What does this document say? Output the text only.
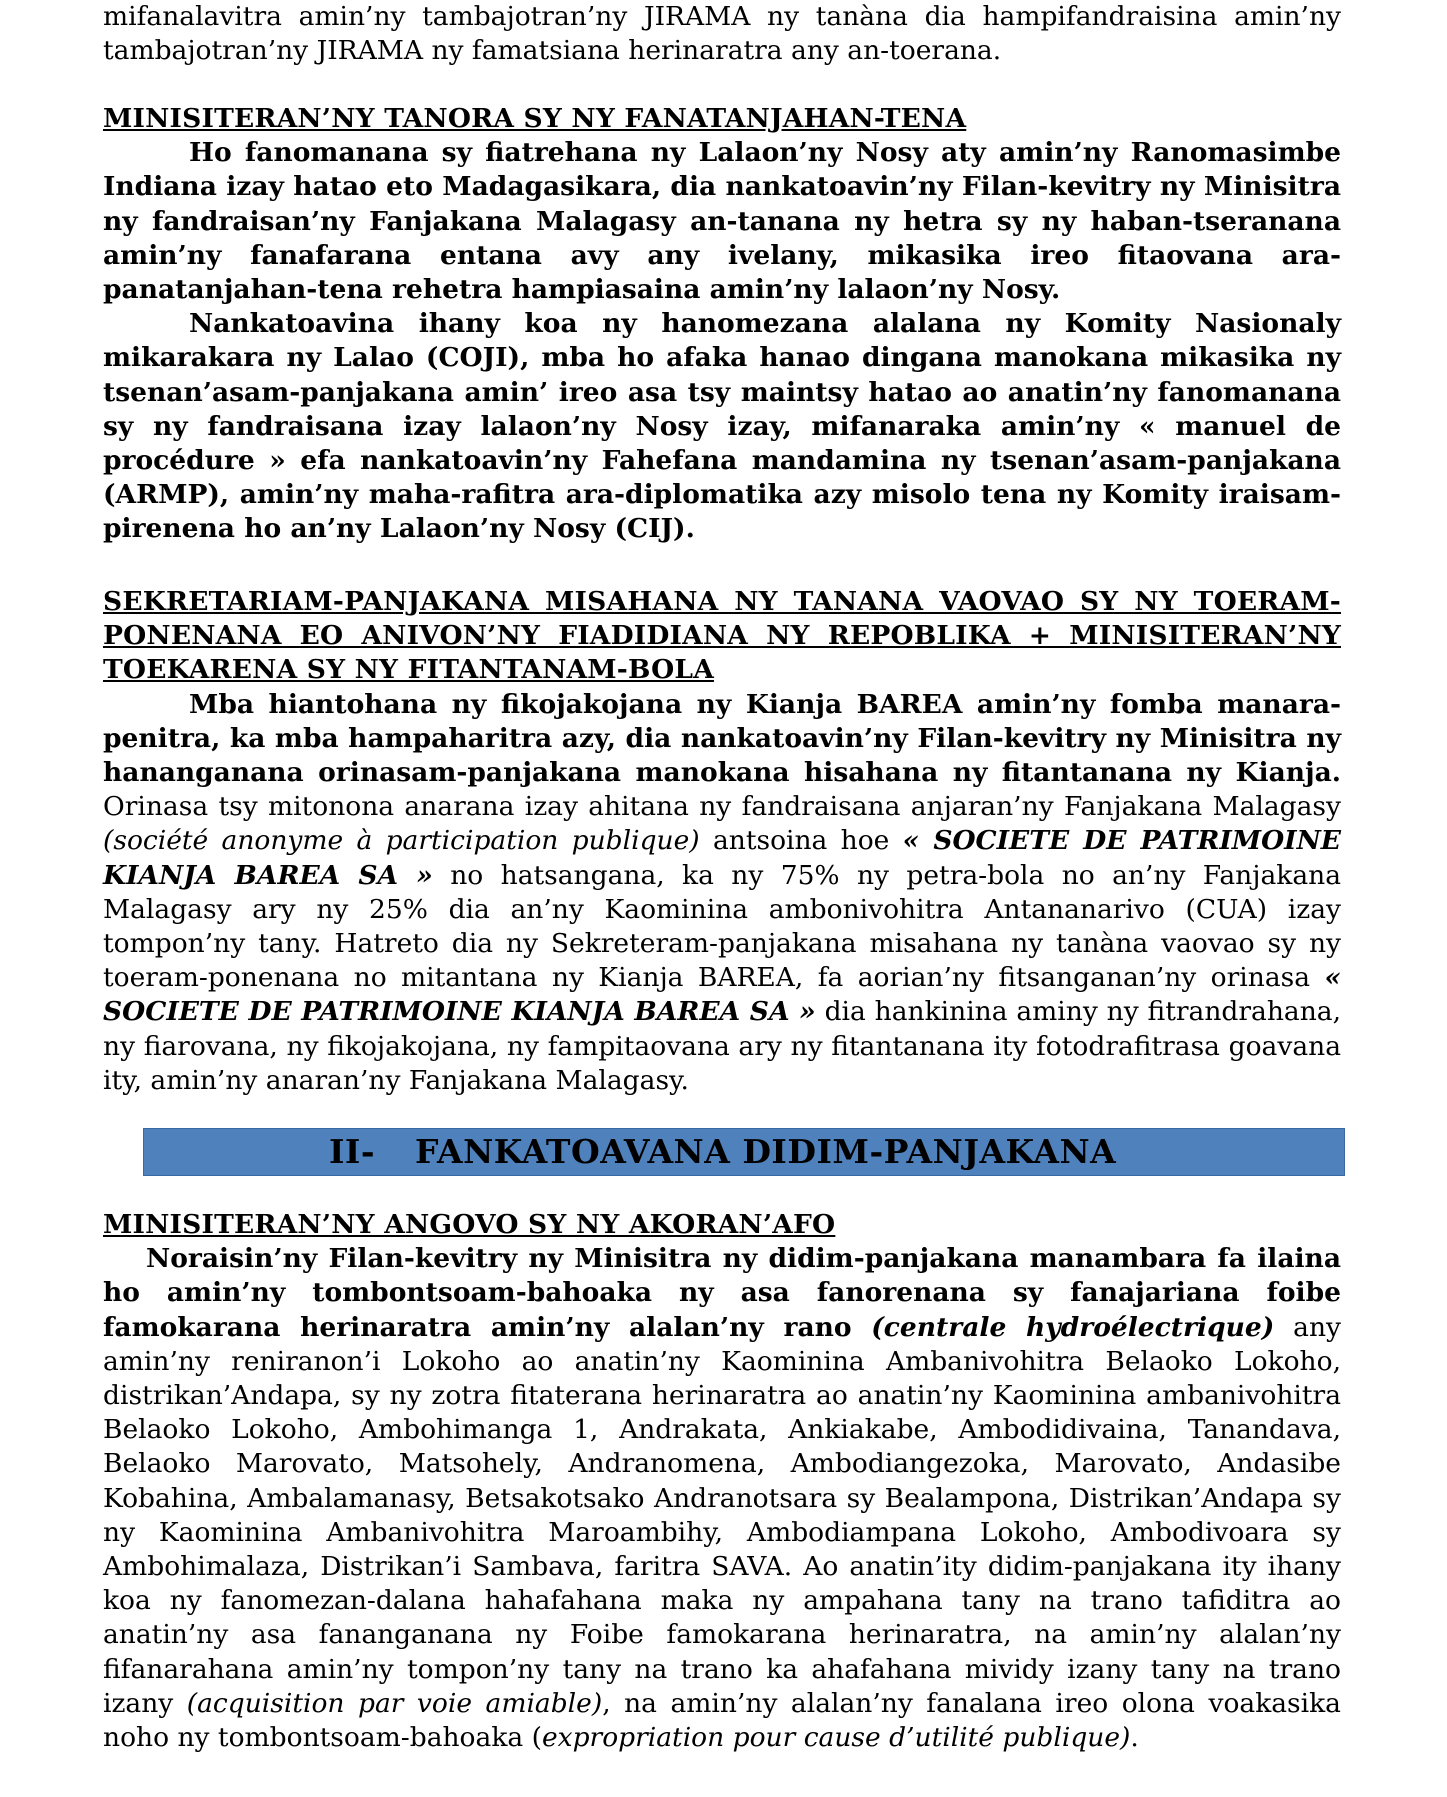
mifanalavitra amin’ny tambajotran’ny JIRAMA ny tanàna dia hampifandraisina amin’ny tambajotran’ny JIRAMA ny famatsiana herinaratra any an-toerana.

MINISITERAN’NY TANORA SY NY FANATANJAHAN-TENA

Ho fanomanana sy fiatrehana ny Lalaon’ny Nosy aty amin’ny Ranomasimbe Indiana izay hatao eto Madagasikara, dia nankatoavin’ny Filan-kevitry ny Minisitra ny fandraisan’ny Fanjakana Malagasy an-tanana ny hetra sy ny haban-tseranana amin’ny fanafarana entana avy any ivelany, mikasika ireo fitaovana ara-panatanjahan-tena rehetra hampiasaina amin’ny lalaon’ny Nosy.

Nankatoavina ihany koa ny hanomezana alalana ny Komity Nasionaly mikarakara ny Lalao (COJI), mba ho afaka hanao dingana manokana mikasika ny tsenan’asam-panjakana amin’ ireo asa tsy maintsy hatao ao anatin’ny fanomanana sy ny fandraisana izay lalaon’ny Nosy izay, mifanaraka amin’ny « manuel de procédure » efa nankatoavin’ny Fahefana mandamina ny tsenan’asam-panjakana (ARMP), amin’ny maha-rafitra ara-diplomatika azy misolo tena ny Komity iraisam-pirenena ho an’ny Lalaon’ny Nosy (CIJ).

SEKRETARIAM-PANJAKANA MISAHANA NY TANANA VAOVAO SY NY TOERAM-PONENANA EO ANIVON’NY FIADIDIANA NY REPOBLIKA + MINISITERAN’NY TOEKARENA SY NY FITANTANAM-BOLA

Mba hiantohana ny fikojakojana ny Kianja BAREA amin’ny fomba manara-penitra, ka mba hampaharitra azy, dia nankatoavin’ny Filan-kevitry ny Minisitra ny hananganana orinasam-panjakana manokana hisahana ny fitantanana ny Kianja. Orinasa tsy mitonona anarana izay ahitana ny fandraisana anjaran’ny Fanjakana Malagasy (société anonyme à participation publique) antsoina hoe « SOCIETE DE PATRIMOINE KIANJA BAREA SA » no hatsangana, ka ny 75% ny petra-bola no an’ny Fanjakana Malagasy ary ny 25% dia an’ny Kaominina ambonivohitra Antananarivo (CUA) izay tompon’ny tany. Hatreto dia ny Sekreteram-panjakana misahana ny tanàna vaovao sy ny toeram-ponenana no mitantana ny Kianja BAREA, fa aorian’ny fitsanganan’ny orinasa « SOCIETE DE PATRIMOINE KIANJA BAREA SA » dia hankinina aminy ny fitrandrahana, ny fiarovana, ny fikojakojana, ny fampitaovana ary ny fitantanana ity fotodrafitrasa goavana ity, amin’ny anaran’ny Fanjakana Malagasy.

II- FANKATOAVANA DIDIM-PANJAKANA

MINISITERAN’NY ANGOVO SY NY AKORAN’AFO

Noraisin’ny Filan-kevitry ny Minisitra ny didim-panjakana manambara fa ilaina ho amin’ny tombontsoam-bahoaka ny asa fanorenana sy fanajariana foibe famokarana herinaratra amin’ny alalan’ny rano (centrale hydroélectrique) any amin’ny reniranon’i Lokoho ao anatin’ny Kaominina Ambanivohitra Belaoko Lokoho, distrikan’Andapa, sy ny zotra fitaterana herinaratra ao anatin’ny Kaominina ambanivohitra Belaoko Lokoho, Ambohimanga 1, Andrakata, Ankiakabe, Ambodidivaina, Tanandava, Belaoko Marovato, Matsohely, Andranomena, Ambodiangezoka, Marovato, Andasibe Kobahina, Ambalamanasy, Betsakotsako Andranotsara sy Bealampona, Distrikan’Andapa sy ny Kaominina Ambanivohitra Maroambihy, Ambodiampana Lokoho, Ambodivoara sy Ambohimalaza, Distrikan’i Sambava, faritra SAVA. Ao anatin’ity didim-panjakana ity ihany koa ny fanomezan-dalana hahafahana maka ny ampahana tany na trano tafiditra ao anatin’ny asa fananganana ny Foibe famokarana herinaratra, na amin’ny alalan’ny fifanarahana amin’ny tompon’ny tany na trano ka ahafahana mividy izany tany na trano izany (acquisition par voie amiable), na amin’ny alalan’ny fanalana ireo olona voakasika noho ny tombontsoam-bahoaka (expropriation pour cause d’utilité publique).
